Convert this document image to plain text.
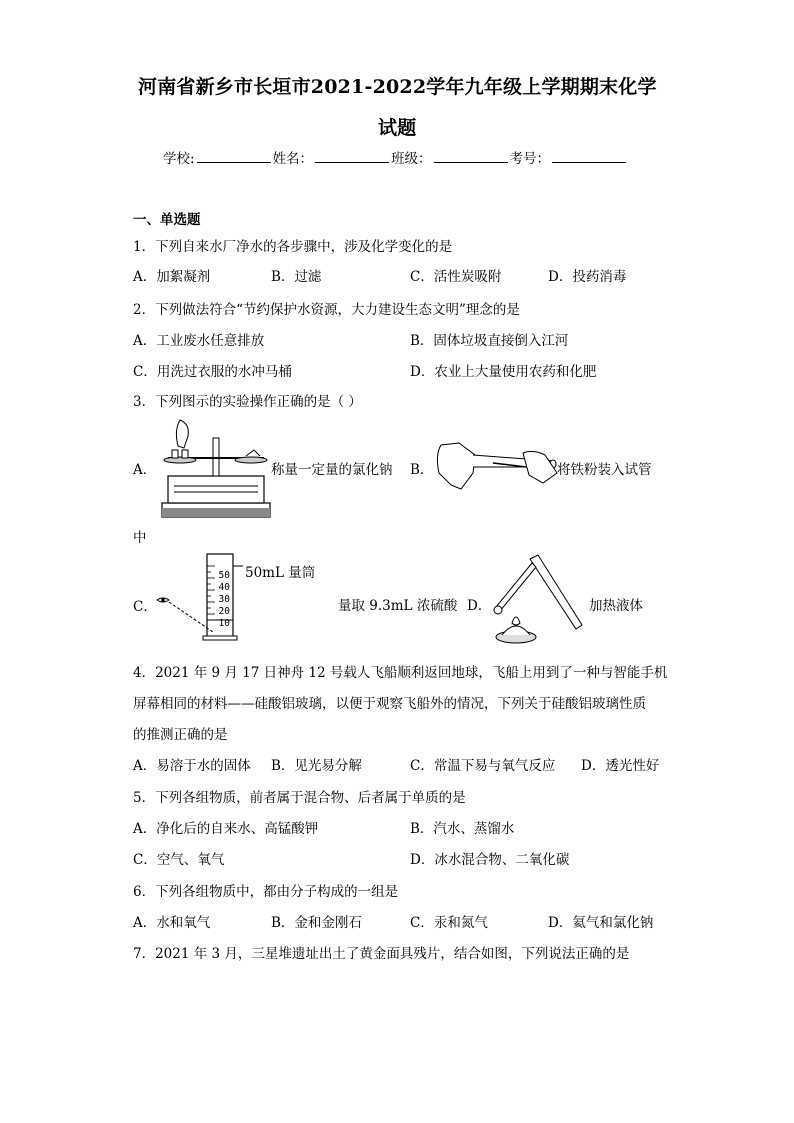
河南省新乡市长垣市2021-2022学年九年级上学期期末化学
试题
学校:	姓名：	班级：	考号：
一、单选题
1．下列自来水厂净水的各步骤中，涉及化学变化的是
A．加絮凝剂	B．过滤	C．活性炭吸附	D．投药消毒
2．下列做法符合“节约保护水资源，大力建设生态文明”理念的是
A．工业废水任意排放	B．固体垃圾直接倒入江河
C．用洗过衣服的水冲马桶	D．农业上大量使用农药和化肥
3．下列图示的实验操作正确的是（ ）
A．	称量一定量的氯化钠 B．	将铁粉装入试管
中
C．
50
40
30
20
10
50mL 量筒
量取 9.3mL 浓硫酸 D．	加热液体
4．2021 年 9 月 17 日神舟 12 号载人飞船顺利返回地球，飞船上用到了一种与智能手机
屏幕相同的材料——硅酸铝玻璃，以便于观察飞船外的情况，下列关于硅酸铝玻璃性质
的推测正确的是
A．易溶于水的固体 B．见光易分解	C．常温下易与氧气反应 D．透光性好
5．下列各组物质，前者属于混合物、后者属于单质的是
A．净化后的自来水、高锰酸钾	B．汽水、蒸馏水
C．空气、氧气	D．冰水混合物、二氧化碳
6．下列各组物质中，都由分子构成的一组是
A．水和氧气	B．金和金刚石	C．汞和氮气	D．氦气和氯化钠
7．2021 年 3 月，三星堆遗址出土了黄金面具残片，结合如图，下列说法正确的是
